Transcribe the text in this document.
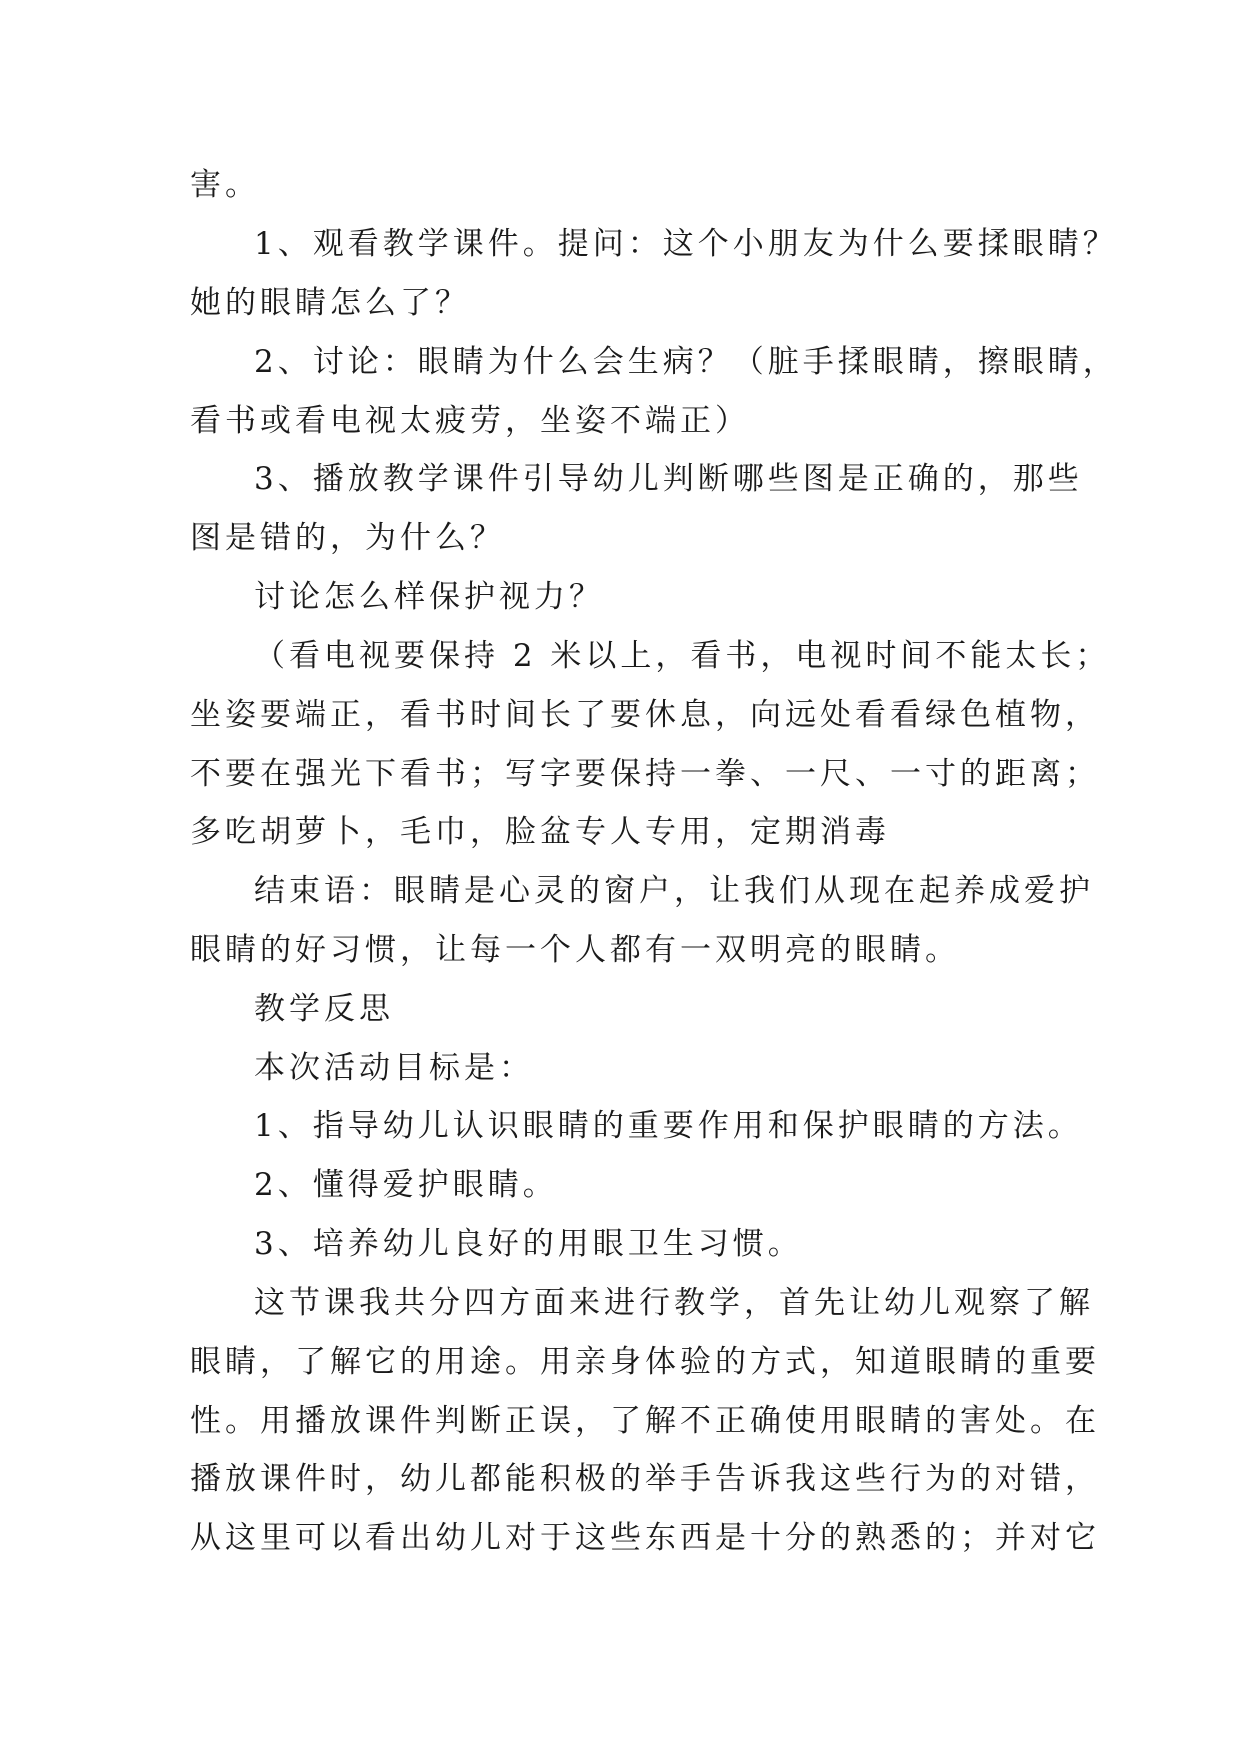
害。

1、观看教学课件。提问：这个小朋友为什么要揉眼睛？

她的眼睛怎么了？

2、讨论：眼睛为什么会生病？（脏手揉眼睛，擦眼睛，

看书或看电视太疲劳，坐姿不端正）

3、播放教学课件引导幼儿判断哪些图是正确的，那些

图是错的，为什么？

讨论怎么样保护视力？

（看电视要保持 2 米以上，看书，电视时间不能太长；

坐姿要端正，看书时间长了要休息，向远处看看绿色植物，

不要在强光下看书；写字要保持一拳、一尺、一寸的距离；

多吃胡萝卜，毛巾，脸盆专人专用，定期消毒

结束语：眼睛是心灵的窗户，让我们从现在起养成爱护

眼睛的好习惯，让每一个人都有一双明亮的眼睛。

教学反思

本次活动目标是：

1、指导幼儿认识眼睛的重要作用和保护眼睛的方法。

2、懂得爱护眼睛。

3、培养幼儿良好的用眼卫生习惯。

这节课我共分四方面来进行教学，首先让幼儿观察了解

眼睛，了解它的用途。用亲身体验的方式，知道眼睛的重要

性。用播放课件判断正误，了解不正确使用眼睛的害处。在

播放课件时，幼儿都能积极的举手告诉我这些行为的对错，

从这里可以看出幼儿对于这些东西是十分的熟悉的；并对它
